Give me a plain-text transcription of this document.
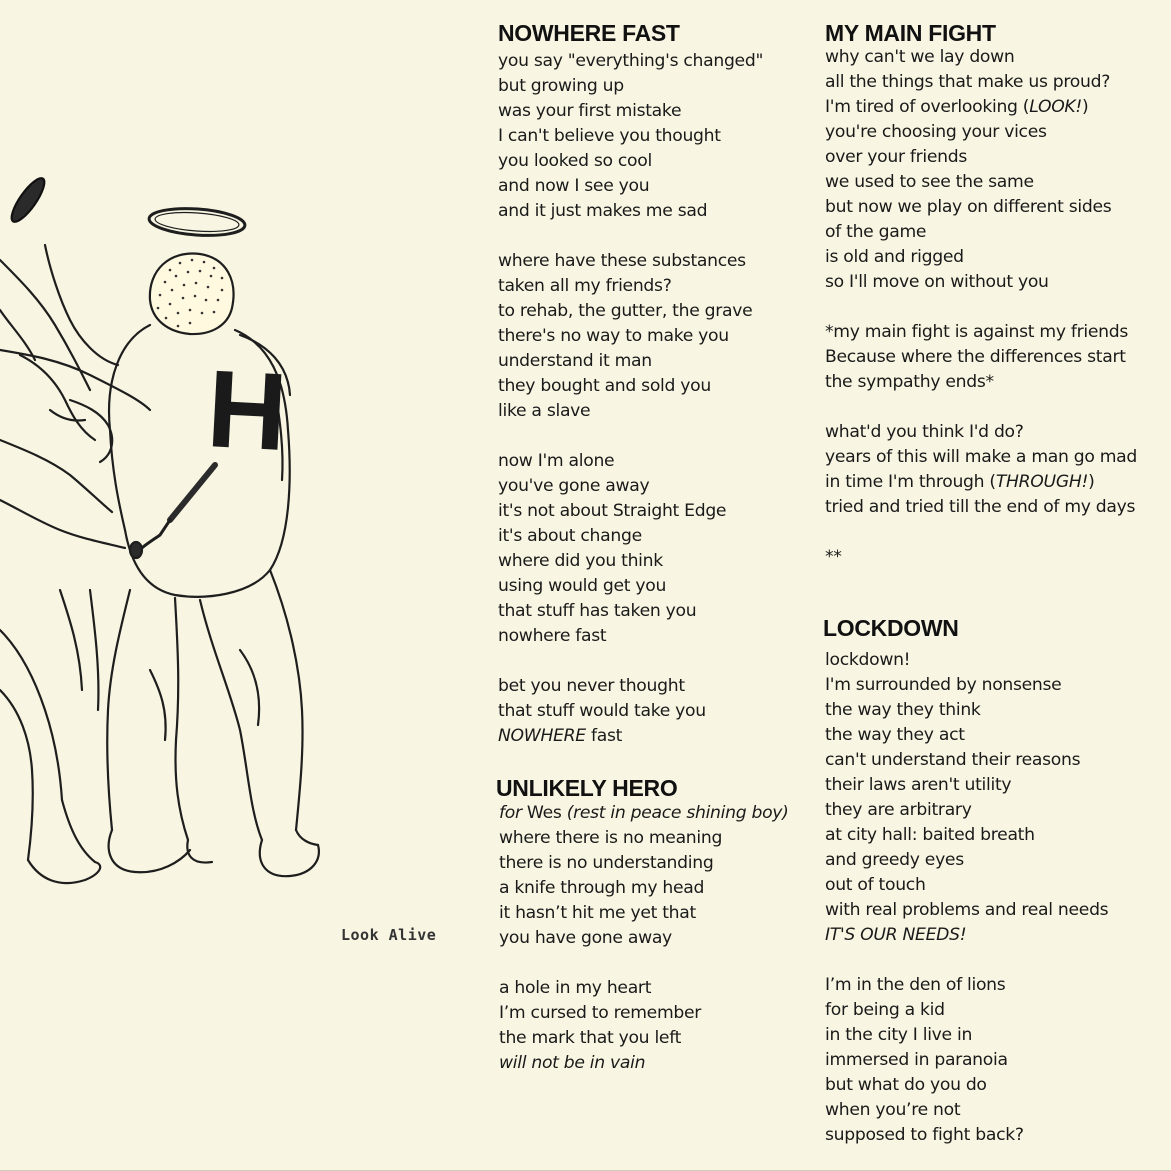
H
Look Alive
NOWHERE FAST
you say "everything's changed"
but growing up
was your first mistake
I can't believe you thought
you looked so cool
and now I see you
and it just makes me sad
where have these substances
taken all my friends?
to rehab, the gutter, the grave
there's no way to make you
understand it man
they bought and sold you
like a slave
now I'm alone
you've gone away
it's not about Straight Edge
it's about change
where did you think
using would get you
that stuff has taken you
nowhere fast
bet you never thought
that stuff would take you
NOWHERE fast
UNLIKELY HERO
for Wes (rest in peace shining boy)
where there is no meaning
there is no understanding
a knife through my head
it hasn’t hit me yet that
you have gone away
a hole in my heart
I’m cursed to remember
the mark that you left
will not be in vain
MY MAIN FIGHT
why can't we lay down
all the things that make us proud?
I'm tired of overlooking (LOOK!)
you're choosing your vices
over your friends
we used to see the same
but now we play on different sides
of the game
is old and rigged
so I'll move on without you
*my main fight is against my friends
Because where the differences start
the sympathy ends*
what'd you think I'd do?
years of this will make a man go mad
in time I'm through (THROUGH!)
tried and tried till the end of my days
**
LOCKDOWN
lockdown!
I'm surrounded by nonsense
the way they think
the way they act
can't understand their reasons
their laws aren't utility
they are arbitrary
at city hall: baited breath
and greedy eyes
out of touch
with real problems and real needs
IT'S OUR NEEDS!
I’m in the den of lions
for being a kid
in the city I live in
immersed in paranoia
but what do you do
when you’re not
supposed to fight back?
